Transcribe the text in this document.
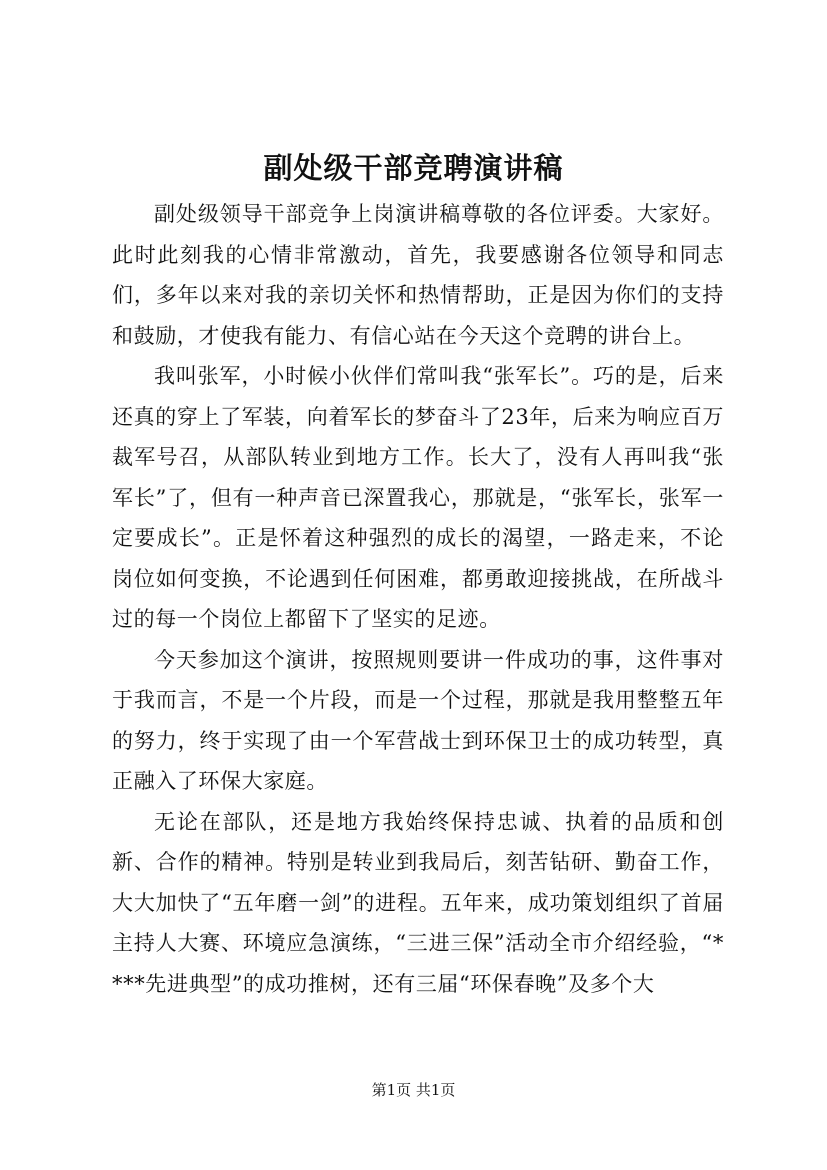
副处级干部竞聘演讲稿

副处级领导干部竞争上岗演讲稿尊敬的各位评委。大家好。此时此刻我的心情非常激动，首先，我要感谢各位领导和同志们，多年以来对我的亲切关怀和热情帮助，正是因为你们的支持和鼓励，才使我有能力、有信心站在今天这个竞聘的讲台上。

我叫张军，小时候小伙伴们常叫我“张军长”。巧的是，后来还真的穿上了军装，向着军长的梦奋斗了23年，后来为响应百万裁军号召，从部队转业到地方工作。长大了，没有人再叫我“张军长”了，但有一种声音已深置我心，那就是，“张军长，张军一定要成长”。正是怀着这种强烈的成长的渴望，一路走来，不论岗位如何变换，不论遇到任何困难，都勇敢迎接挑战，在所战斗过的每一个岗位上都留下了坚实的足迹。

今天参加这个演讲，按照规则要讲一件成功的事，这件事对于我而言，不是一个片段，而是一个过程，那就是我用整整五年的努力，终于实现了由一个军营战士到环保卫士的成功转型，真正融入了环保大家庭。

无论在部队，还是地方我始终保持忠诚、执着的品质和创新、合作的精神。特别是转业到我局后，刻苦钻研、勤奋工作，大大加快了“五年磨一剑”的进程。五年来，成功策划组织了首届主持人大赛、环境应急演练，“三进三保”活动全市介绍经验，“****先进典型”的成功推树，还有三届“环保春晚”及多个大

第1页 共1页
